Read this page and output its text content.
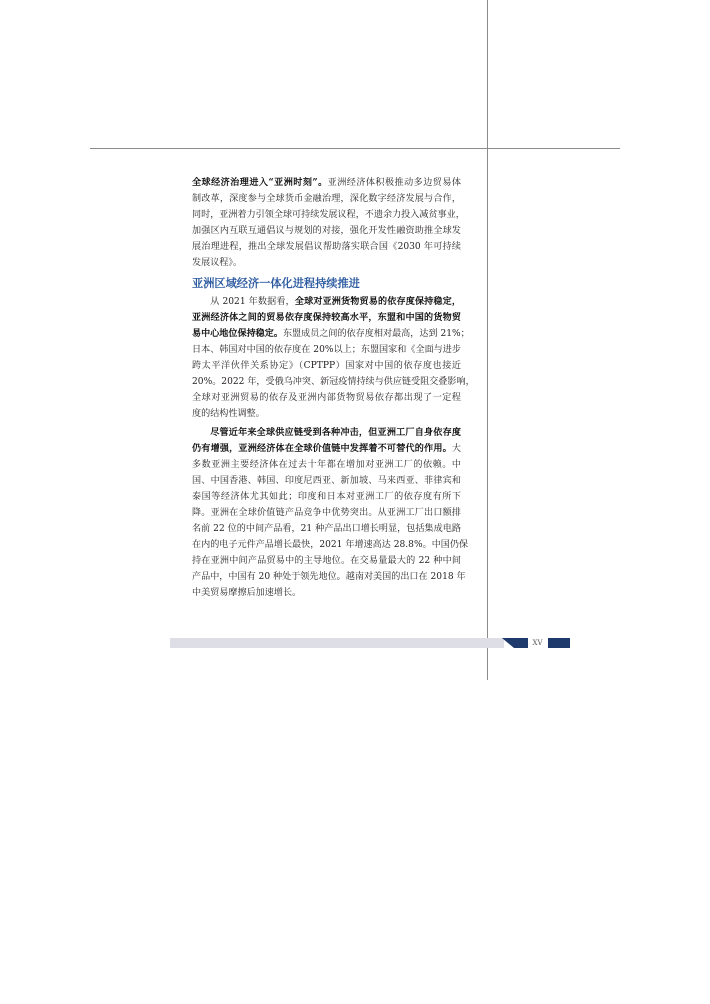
全球经济治理进入“亚洲时刻”。亚洲经济体积极推动多边贸易体
制改革，深度参与全球货币金融治理，深化数字经济发展与合作，
同时，亚洲着力引领全球可持续发展议程，不遗余力投入减贫事业，
加强区内互联互通倡议与规划的对接，强化开发性融资助推全球发
展治理进程，推出全球发展倡议帮助落实联合国《2030 年可持续
发展议程》。
亚洲区域经济一体化进程持续推进
从 2021 年数据看，全球对亚洲货物贸易的依存度保持稳定，
亚洲经济体之间的贸易依存度保持较高水平，东盟和中国的货物贸
易中心地位保持稳定。东盟成员之间的依存度相对最高，达到 21%；
日本、韩国对中国的依存度在 20%以上；东盟国家和《全面与进步
跨太平洋伙伴关系协定》（CPTPP）国家对中国的依存度也接近
20%。2022 年，受俄乌冲突、新冠疫情持续与供应链受阻交叠影响，
全球对亚洲贸易的依存及亚洲内部货物贸易依存都出现了一定程
度的结构性调整。
尽管近年来全球供应链受到各种冲击，但亚洲工厂自身依存度
仍有增强，亚洲经济体在全球价值链中发挥着不可替代的作用。大
多数亚洲主要经济体在过去十年都在增加对亚洲工厂的依赖。中
国、中国香港、韩国、印度尼西亚、新加坡、马来西亚、菲律宾和
泰国等经济体尤其如此；印度和日本对亚洲工厂的依存度有所下
降。亚洲在全球价值链产品竞争中优势突出。从亚洲工厂出口额排
名前 22 位的中间产品看，21 种产品出口增长明显，包括集成电路
在内的电子元件产品增长最快，2021 年增速高达 28.8%。中国仍保
持在亚洲中间产品贸易中的主导地位。在交易量最大的 22 种中间
产品中，中国有 20 种处于领先地位。越南对美国的出口在 2018 年
中美贸易摩擦后加速增长。
XV
